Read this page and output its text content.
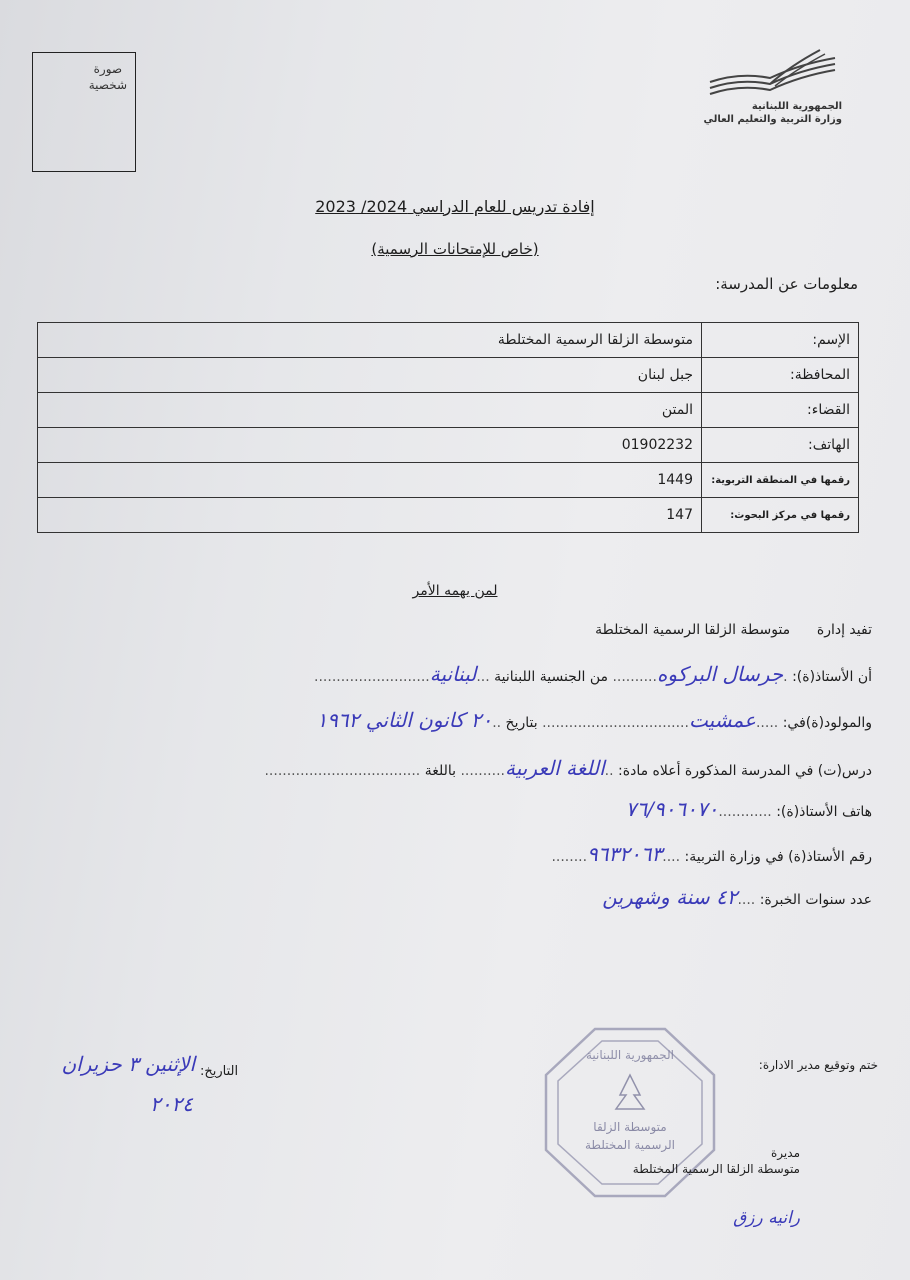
صورة
شخصية
الجمهورية اللبنانية
وزارة التربية والتعليم العالي
إفادة تدريس للعام الدراسي 2024/ 2023
(خاص للإمتحانات الرسمية)
معلومات عن المدرسة:
الإسم:	متوسطة الزلقا الرسمية المختلطة
المحافظة:	جبل لبنان
القضاء:	المتن
الهاتف:	01902232
رقمها في المنطقة التربوية:	1449
رقمها في مركز البحوث:	147
لمن يهمه الأمر
تفيد إدارة      متوسطة الزلقا الرسمية المختلطة
أن الأستاذ(ة): .جرسال البركوه.......... من الجنسية اللبنانية ...لبنانية..........................
والمولود(ة)في: .....عمشيت................................. بتاريخ ..٢٠ كانون الثاني ١٩٦٢
درس(ت) في المدرسة المذكورة أعلاه مادة: ..اللغة العربية.......... باللغة ...................................
هاتف الأستاذ(ة): ............٧٦/٩٠٦٠٧٠
رقم الأستاذ(ة) في وزارة التربية: ....٩٦٣٢٠٦٣........
عدد سنوات الخبرة: ....٤٢ سنة وشهرين
ختم وتوقيع مدير الادارة:
التاريخ:
الإثنين ٣ حزيران
٢٠٢٤
الجمهورية اللبنانية
متوسطة الزلقا
الرسمية المختلطة
مديرة
متوسطة الزلقا الرسمية المختلطة
رانيه رزق
